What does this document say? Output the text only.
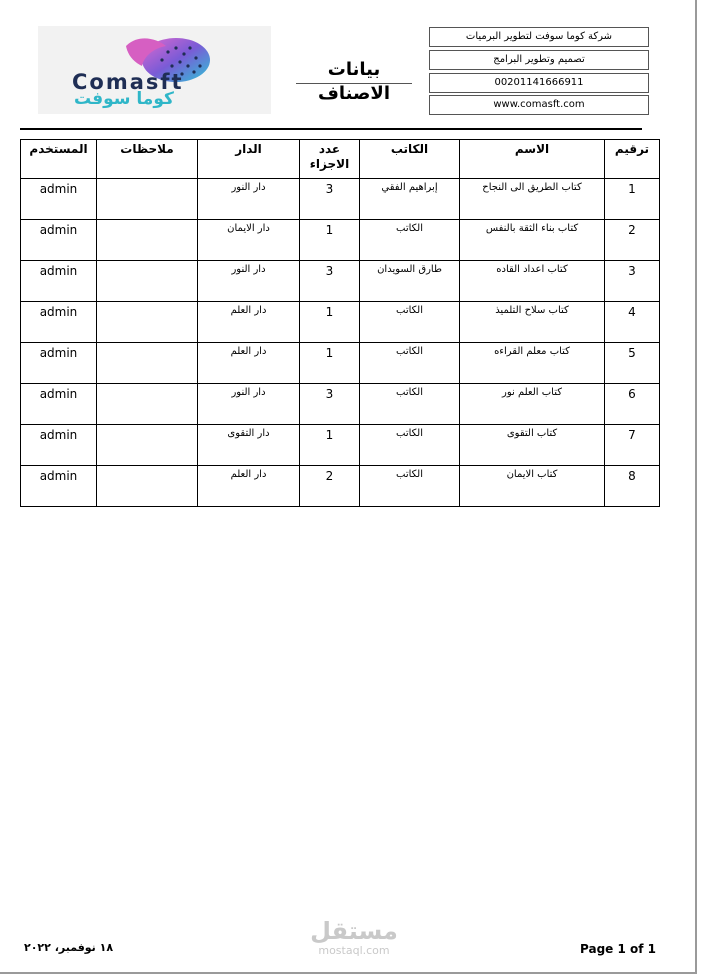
Comasft
كوما سوفت
بيانات الاصناف
شركة كوما سوفت لتطوير البرميات
تصميم وتطوير البرامج
00201141666911
www.comasft.com
ترقيم	الاسم	الكاتب	عدد الاجزاء	الدار	ملاحظات	المستخدم
1	كتاب الطريق الى النجاح	إبراهيم الفقي	3	دار النور		admin
2	كتاب بناء الثقة بالنفس	الكاتب	1	دار الايمان		admin
3	كتاب اعداد القاده	طارق السويدان	3	دار النور		admin
4	كتاب سلاح التلميذ	الكاتب	1	دار العلم		admin
5	كتاب معلم القراءه	الكاتب	1	دار العلم		admin
6	كتاب العلم نور	الكاتب	3	دار النور		admin
7	كتاب التقوى	الكاتب	1	دار التقوى		admin
8	كتاب الايمان	الكاتب	2	دار العلم		admin
مستقل
mostaql.com
١٨ نوفمبر، ٢٠٢٢	Page 1 of 1
